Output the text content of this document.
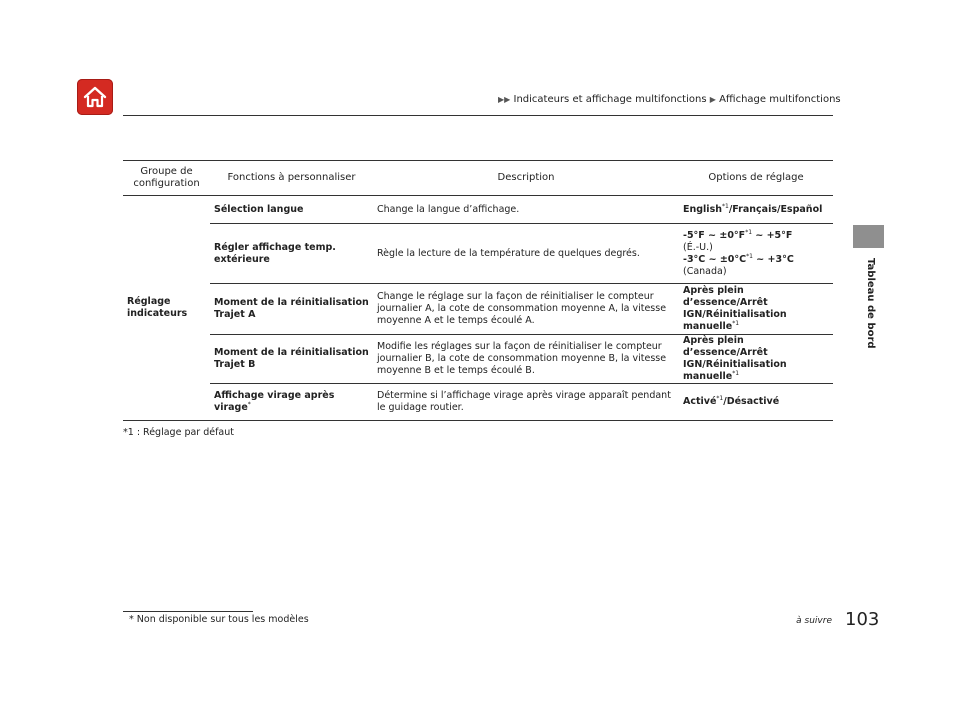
▶▶ Indicateurs et affichage multifonctions ▶ Affichage multifonctions
Tableau de bord
Groupe de configuration	Fonctions à personnaliser	Description	Options de réglage
Réglage indicateurs	Sélection langue	Change la langue d’affichage.	English$^{*1}$/Français/Español
	Régler affichage temp. extérieure	Règle la lecture de la température de quelques degrés.	-5°F ~ $\pm 0^\circ F^{*1}$ ~ +5°F
(É.-U.)
-3°C ~ $\pm 0^\circ C^{*1}$ ~ +3°C
(Canada)

	Moment de la réinitialisation Trajet A	Change le réglage sur la façon de réinitialiser le compteur journalier A, la cote de consommation moyenne A, la vitesse moyenne A et le temps écoulé A.	Après plein d’essence/Arrêt IGN/Réinitialisation manuelle$^{*1}$
	Moment de la réinitialisation Trajet B	Modifie les réglages sur la façon de réinitialiser le compteur journalier B, la cote de consommation moyenne B, la vitesse moyenne B et le temps écoulé B.	Après plein d’essence/Arrêt IGN/Réinitialisation manuelle$^{*1}$
	Affichage virage après virage*	Détermine si l’affichage virage après virage apparaît pendant le guidage routier.	Activé$^{*1}$/Désactivé
*1 : Réglage par défaut
* Non disponible sur tous les modèles	à suivre 103
